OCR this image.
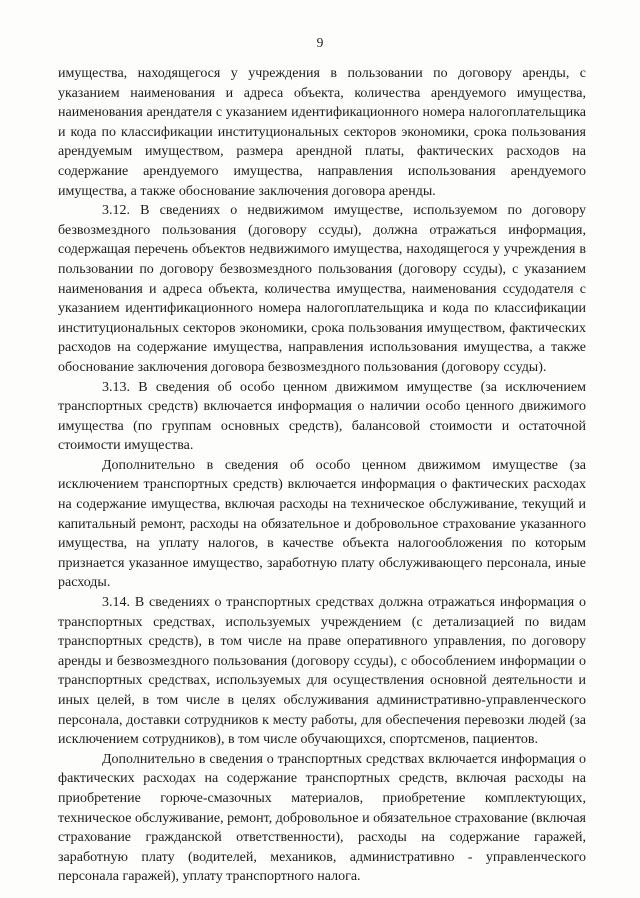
9

имущества, находящегося у учреждения в пользовании по договору аренды, с указанием наименования и адреса объекта, количества арендуемого имущества, наименования арендателя с указанием идентификационного номера налогоплательщика и кода по классификации институциональных секторов экономики, срока пользования арендуемым имуществом, размера арендной платы, фактических расходов на содержание арендуемого имущества, направления использования арендуемого имущества, а также обоснование заключения договора аренды.

3.12. В сведениях о недвижимом имуществе, используемом по договору безвозмездного пользования (договору ссуды), должна отражаться информация, содержащая перечень объектов недвижимого имущества, находящегося у учреждения в пользовании по договору безвозмездного пользования (договору ссуды), с указанием наименования и адреса объекта, количества имущества, наименования ссудодателя с указанием идентификационного номера налогоплательщика и кода по классификации институциональных секторов экономики, срока пользования имуществом, фактических расходов на содержание имущества, направления использования имущества, а также обоснование заключения договора безвозмездного пользования (договору ссуды).

3.13. В сведения об особо ценном движимом имуществе (за исключением транспортных средств) включается информация о наличии особо ценного движимого имущества (по группам основных средств), балансовой стоимости и остаточной стоимости имущества.

Дополнительно в сведения об особо ценном движимом имуществе (за исключением транспортных средств) включается информация о фактических расходах на содержание имущества, включая расходы на техническое обслуживание, текущий и капитальный ремонт, расходы на обязательное и добровольное страхование указанного имущества, на уплату налогов, в качестве объекта налогообложения по которым признается указанное имущество, заработную плату обслуживающего персонала, иные расходы.

3.14. В сведениях о транспортных средствах должна отражаться информация о транспортных средствах, используемых учреждением (с детализацией по видам транспортных средств), в том числе на праве оперативного управления, по договору аренды и безвозмездного пользования (договору ссуды), с обособлением информации о транспортных средствах, используемых для осуществления основной деятельности и иных целей, в том числе в целях обслуживания административно-управленческого персонала, доставки сотрудников к месту работы, для обеспечения перевозки людей (за исключением сотрудников), в том числе обучающихся, спортсменов, пациентов.

Дополнительно в сведения о транспортных средствах включается информация о фактических расходах на содержание транспортных средств, включая расходы на приобретение горюче-смазочных материалов, приобретение комплектующих, техническое обслуживание, ремонт, добровольное и обязательное страхование (включая страхование гражданской ответственности), расходы на содержание гаражей, заработную плату (водителей, механиков, административно - управленческого персонала гаражей), уплату транспортного налога.
